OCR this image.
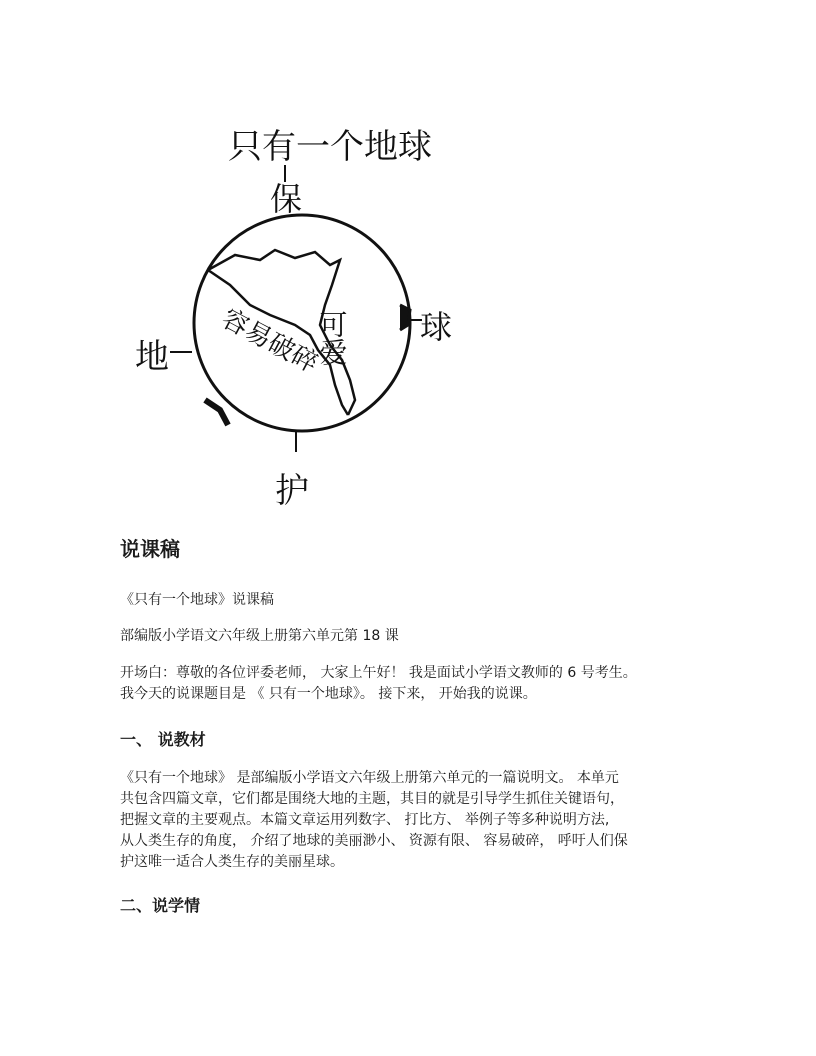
只有一个地球
保
地
球
护
容易破碎
可爱
说课稿

《只有一个地球》说课稿

部编版小学语文六年级上册第六单元第 18 课

开场白：尊敬的各位评委老师， 大家上午好！ 我是面试小学语文教师的 6 号考生。

我今天的说课题目是 《 只有一个地球》。 接下来， 开始我的说课。

一、 说教材

《只有一个地球》 是部编版小学语文六年级上册第六单元的一篇说明文。 本单元

共包含四篇文章，它们都是围绕大地的主题，其目的就是引导学生抓住关键语句，

把握文章的主要观点。本篇文章运用列数字、 打比方、 举例子等多种说明方法,

从人类生存的角度， 介绍了地球的美丽渺小、 资源有限、 容易破碎， 呼吁人们保

护这唯一适合人类生存的美丽星球。

二、说学情
